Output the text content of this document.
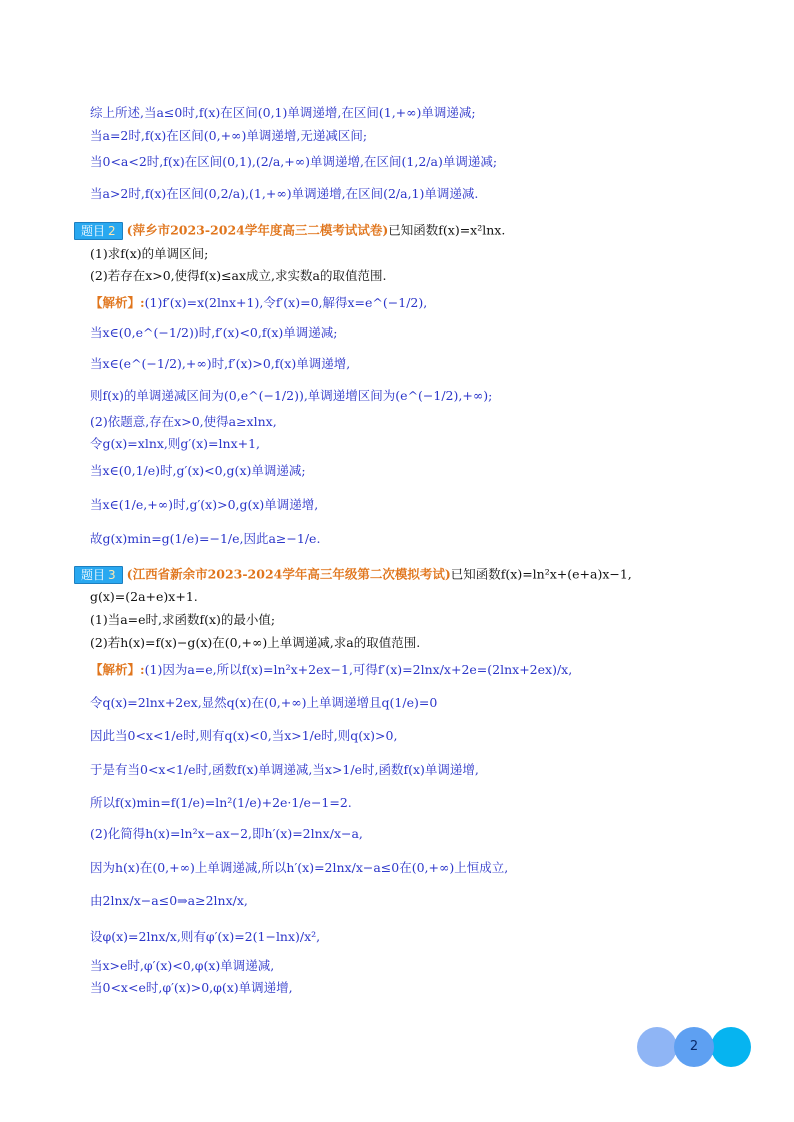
综上所述,当a≤0时,f(x)在区间(0,1)单调递增,在区间(1,+∞)单调递减;
当a=2时,f(x)在区间(0,+∞)单调递增,无递减区间;
当0<a<2时,f(x)在区间(0,1),(2/a,+∞)单调递增,在区间(1,2/a)单调递减;
当a>2时,f(x)在区间(0,2/a),(1,+∞)单调递增,在区间(2/a,1)单调递减.
题目 2 (萍乡市2023-2024学年度高三二模考试试卷)已知函数f(x)=x²lnx.
(1)求f(x)的单调区间;
(2)若存在x>0,使得f(x)≤ax成立,求实数a的取值范围.
【解析】:(1)f′(x)=x(2lnx+1),令f′(x)=0,解得x=e^(−1/2),
当x∈(0,e^(−1/2))时,f′(x)<0,f(x)单调递减;
当x∈(e^(−1/2),+∞)时,f′(x)>0,f(x)单调递增,
则f(x)的单调递减区间为(0,e^(−1/2)),单调递增区间为(e^(−1/2),+∞);
(2)依题意,存在x>0,使得a≥xlnx,
令g(x)=xlnx,则g′(x)=lnx+1,
当x∈(0,1/e)时,g′(x)<0,g(x)单调递减;
当x∈(1/e,+∞)时,g′(x)>0,g(x)单调递增,
故g(x)min=g(1/e)=−1/e,因此a≥−1/e.
题目 3 (江西省新余市2023-2024学年高三年级第二次模拟考试)已知函数f(x)=ln²x+(e+a)x−1,
g(x)=(2a+e)x+1.
(1)当a=e时,求函数f(x)的最小值;
(2)若h(x)=f(x)−g(x)在(0,+∞)上单调递减,求a的取值范围.
【解析】:(1)因为a=e,所以f(x)=ln²x+2ex−1,可得f′(x)=2lnx/x+2e=(2lnx+2ex)/x,
令q(x)=2lnx+2ex,显然q(x)在(0,+∞)上单调递增且q(1/e)=0
因此当0<x<1/e时,则有q(x)<0,当x>1/e时,则q(x)>0,
于是有当0<x<1/e时,函数f(x)单调递减,当x>1/e时,函数f(x)单调递增,
所以f(x)min=f(1/e)=ln²(1/e)+2e·1/e−1=2.
(2)化简得h(x)=ln²x−ax−2,即h′(x)=2lnx/x−a,
因为h(x)在(0,+∞)上单调递减,所以h′(x)=2lnx/x−a≤0在(0,+∞)上恒成立,
由2lnx/x−a≤0⇒a≥2lnx/x,
设φ(x)=2lnx/x,则有φ′(x)=2(1−lnx)/x²,
当x>e时,φ′(x)<0,φ(x)单调递减,
当0<x<e时,φ′(x)>0,φ(x)单调递增,
2
